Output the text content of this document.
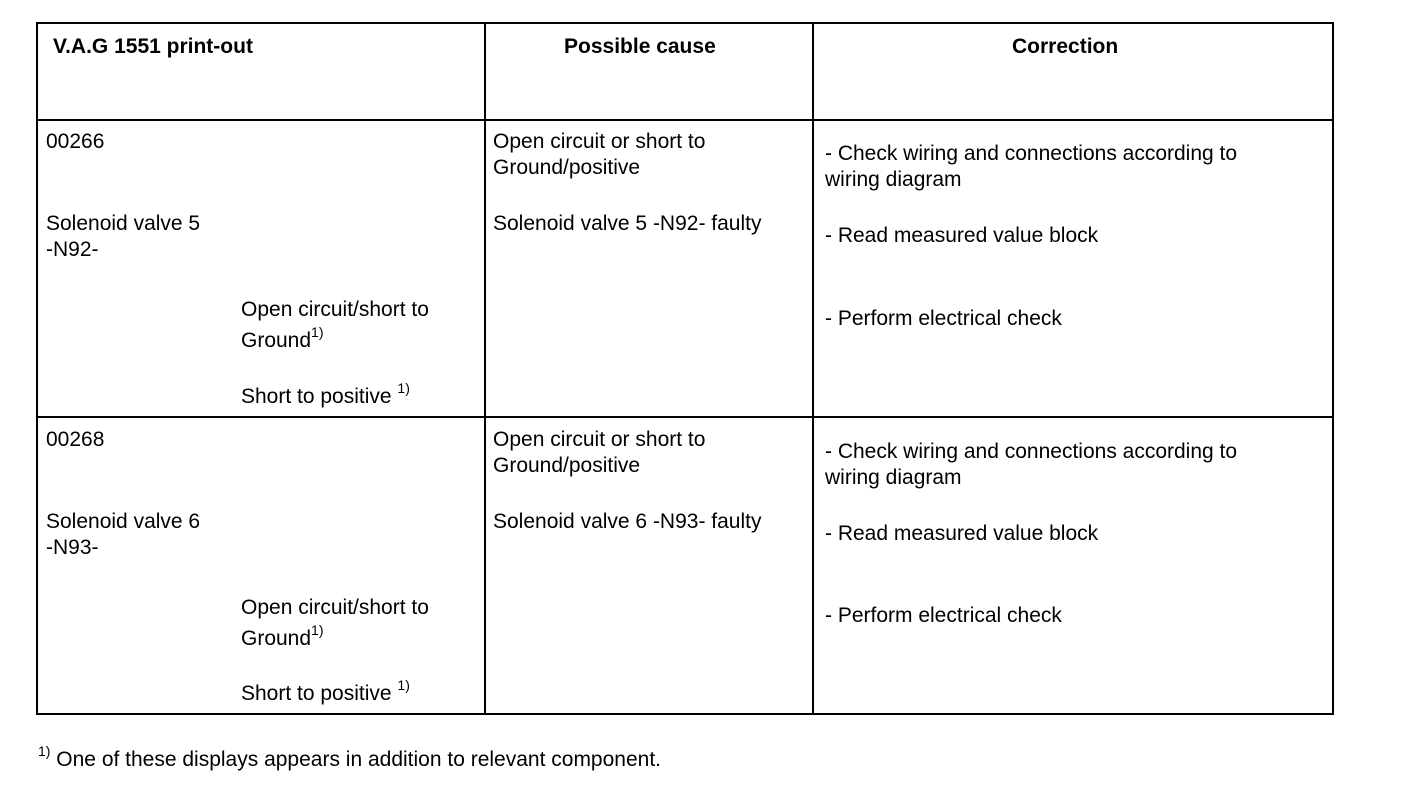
V.A.G 1551 print-out	Possible cause	Correction
00266
Solenoid valve 5
-N92-
Open circuit/short to
Ground$^{1)}$
Short to positive $^{1)}$
Open circuit or short to
Ground/positive
Solenoid valve 5 -N92- faulty
- Check wiring and connections according to
wiring diagram
- Read measured value block
- Perform electrical check
00268
Solenoid valve 6
-N93-
Open circuit/short to
Ground$^{1)}$
Short to positive $^{1)}$
Open circuit or short to
Ground/positive
Solenoid valve 6 -N93- faulty
- Check wiring and connections according to
wiring diagram
- Read measured value block
- Perform electrical check
$^{1)}$ One of these displays appears in addition to relevant component.
